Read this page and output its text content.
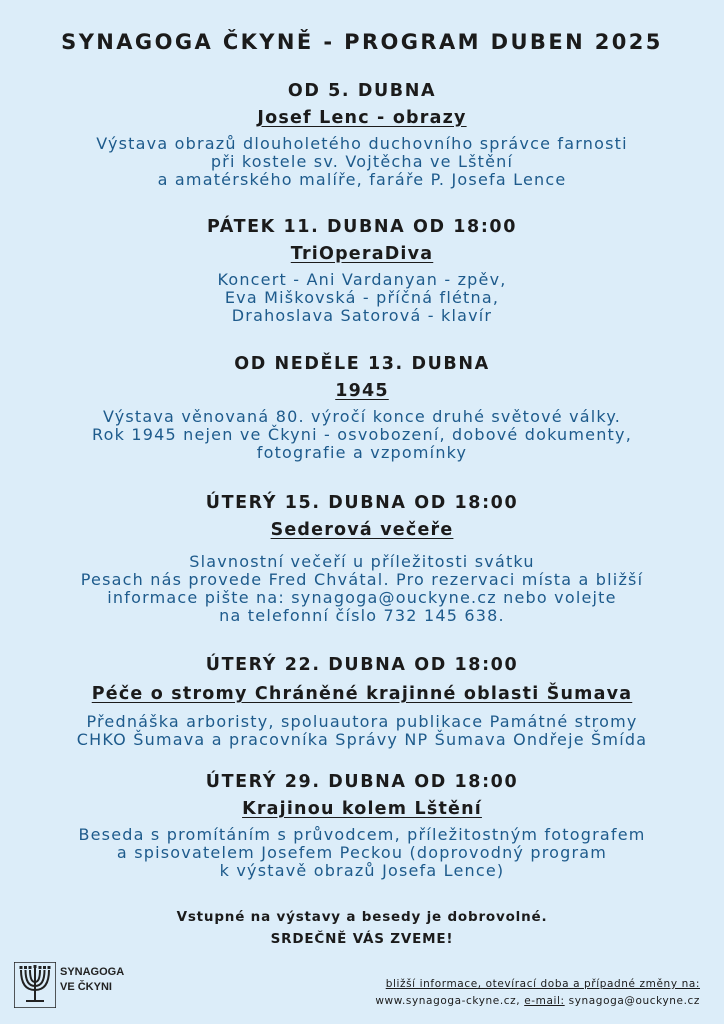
SYNAGOGA ČKYNĚ - PROGRAM DUBEN 2025
OD 5. DUBNA
Josef Lenc - obrazy
Výstava obrazů dlouholetého duchovního správce farnosti
při kostele sv. Vojtěcha ve Lštění
a amatérského malíře, faráře P. Josefa Lence
PÁTEK 11. DUBNA OD 18:00
TriOperaDiva
Koncert - Ani Vardanyan - zpěv,
Eva Miškovská - příčná flétna,
Drahoslava Satorová - klavír
OD NEDĚLE 13. DUBNA
1945
Výstava věnovaná 80. výročí konce druhé světové války.
Rok 1945 nejen ve Čkyni - osvobození, dobové dokumenty,
fotografie a vzpomínky
ÚTERÝ 15. DUBNA OD 18:00
Sederová večeře
Slavnostní večeří u příležitosti svátku
Pesach nás provede Fred Chvátal. Pro rezervaci místa a bližší
informace pište na: synagoga@ouckyne.cz nebo volejte
na telefonní číslo 732 145 638.
ÚTERÝ 22. DUBNA OD 18:00
Péče o stromy Chráněné krajinné oblasti Šumava
Přednáška arboristy, spoluautora publikace Památné stromy
CHKO Šumava a pracovníka Správy NP Šumava Ondřeje Šmída
ÚTERÝ 29. DUBNA OD 18:00
Krajinou kolem Lštění
Beseda s promítáním s průvodcem, příležitostným fotografem
a spisovatelem Josefem Peckou (doprovodný program
k výstavě obrazů Josefa Lence)
Vstupné na výstavy a besedy je dobrovolné.
SRDEČNĚ VÁS ZVEME!
SYNAGOGA
VE ČKYNI	bližší informace, otevírací doba a případné změny na:
www.synagoga-ckyne.cz, e-mail: synagoga@ouckyne.cz
